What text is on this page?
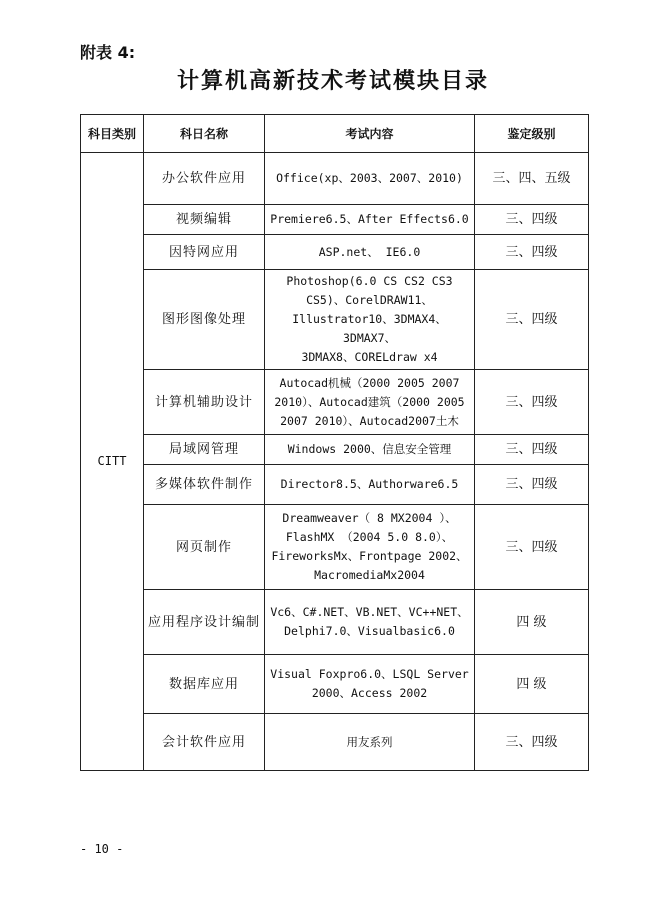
附表 4:
计算机高新技术考试模块目录
科目类别	科日名称	考试内容	鉴定级别
CITT	办公软件应用	Office(xp、2003、2007、2010)	三、四、五级
	视频编辑	Premiere6.5、After Effects6.0	三、四级
	因特网应用	ASP.net、 IE6.0	三、四级
	图形图像处理	Photoshop(6.0 CS CS2 CS3
CS5)、CorelDRAW11、
Illustrator10、3DMAX4、3DMAX7、
3DMAX8、CORELdraw x4	三、四级
	计算机辅助设计	Autocad机械（2000 2005 2007
2010）、Autocad建筑（2000 2005
2007 2010）、Autocad2007土木	三、四级
	局域网管理	Windows 2000、信息安全管理	三、四级
	多媒体软件制作	Director8.5、Authorware6.5	三、四级
	网页制作	Dreamweaver（ 8 MX2004 ）、
FlashMX （2004 5.0 8.0）、
FireworksMx、Frontpage 2002、
MacromediaMx2004	三、四级
	应用程序设计编制	Vc6、C#.NET、VB.NET、VC++NET、
Delphi7.0、Visualbasic6.0	四 级
	数据库应用	Visual Foxpro6.0、LSQL Server
2000、Access 2002	四 级
	会计软件应用	用友系列	三、四级
- 10 -
